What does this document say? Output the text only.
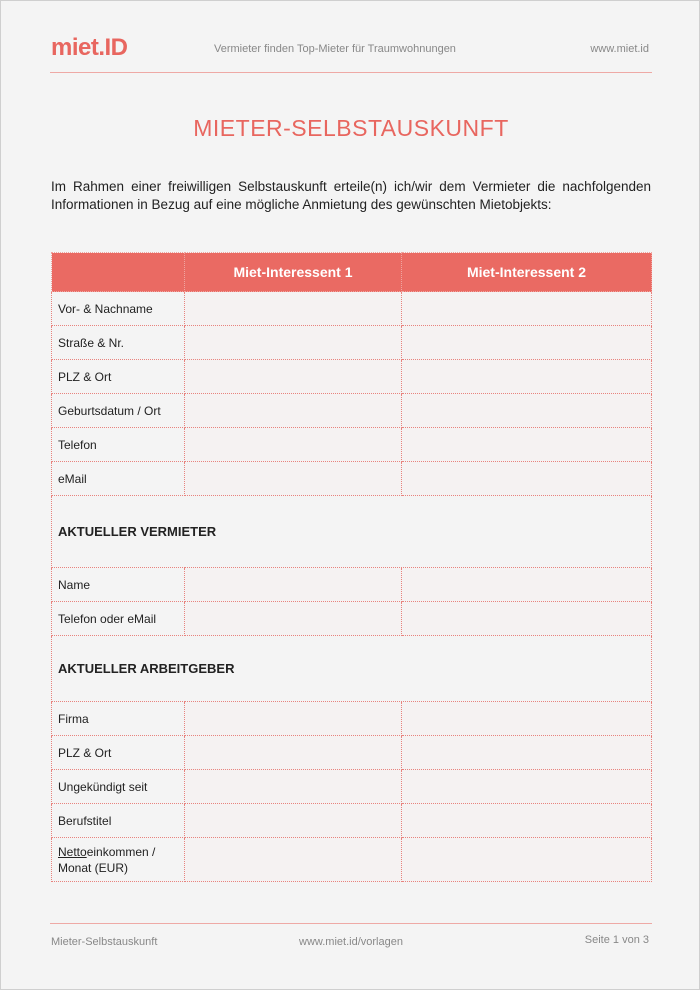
miet.ID	Vermieter finden Top-Mieter für Traumwohnungen	www.miet.id
MIETER-SELBSTAUSKUNFT
Im Rahmen einer freiwilligen Selbstauskunft erteile(n) ich/wir dem Vermieter die nachfolgenden Informationen in Bezug auf eine mögliche Anmietung des gewünschten Mietobjekts:
	Miet-Interessent 1	Miet-Interessent 2
Vor- & Nachname		
Straße & Nr.		
PLZ & Ort		
Geburtsdatum / Ort		
Telefon		
eMail		
AKTUELLER VERMIETER		
Name		
Telefon oder eMail		
AKTUELLER ARBEITGEBER		
Firma		
PLZ & Ort		
Ungekündigt seit		
Berufstitel		
Nettoeinkommen /
Monat (EUR)		
Mieter-Selbstauskunft	www.miet.id/vorlagen	Seite 1 von 3
